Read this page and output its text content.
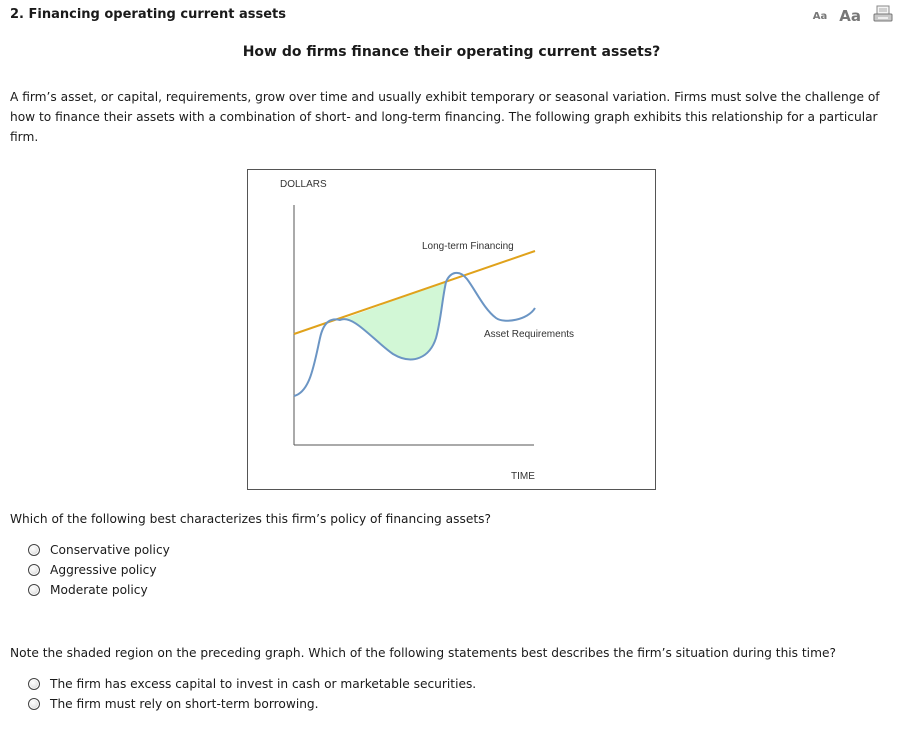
2. Financing operating current assets	Aa Aa
How do firms finance their operating current assets?
A firm’s asset, or capital, requirements, grow over time and usually exhibit temporary or seasonal variation. Firms must solve the challenge of how to finance their assets with a combination of short- and long-term financing. The following graph exhibits this relationship for a particular firm.
DOLLARS
TIME
Long-term Financing
Asset Requirements
Which of the following best characterizes this firm’s policy of financing assets?
Conservative policy
Aggressive policy
Moderate policy
Note the shaded region on the preceding graph. Which of the following statements best describes the firm’s situation during this time?
The firm has excess capital to invest in cash or marketable securities.
The firm must rely on short-term borrowing.
